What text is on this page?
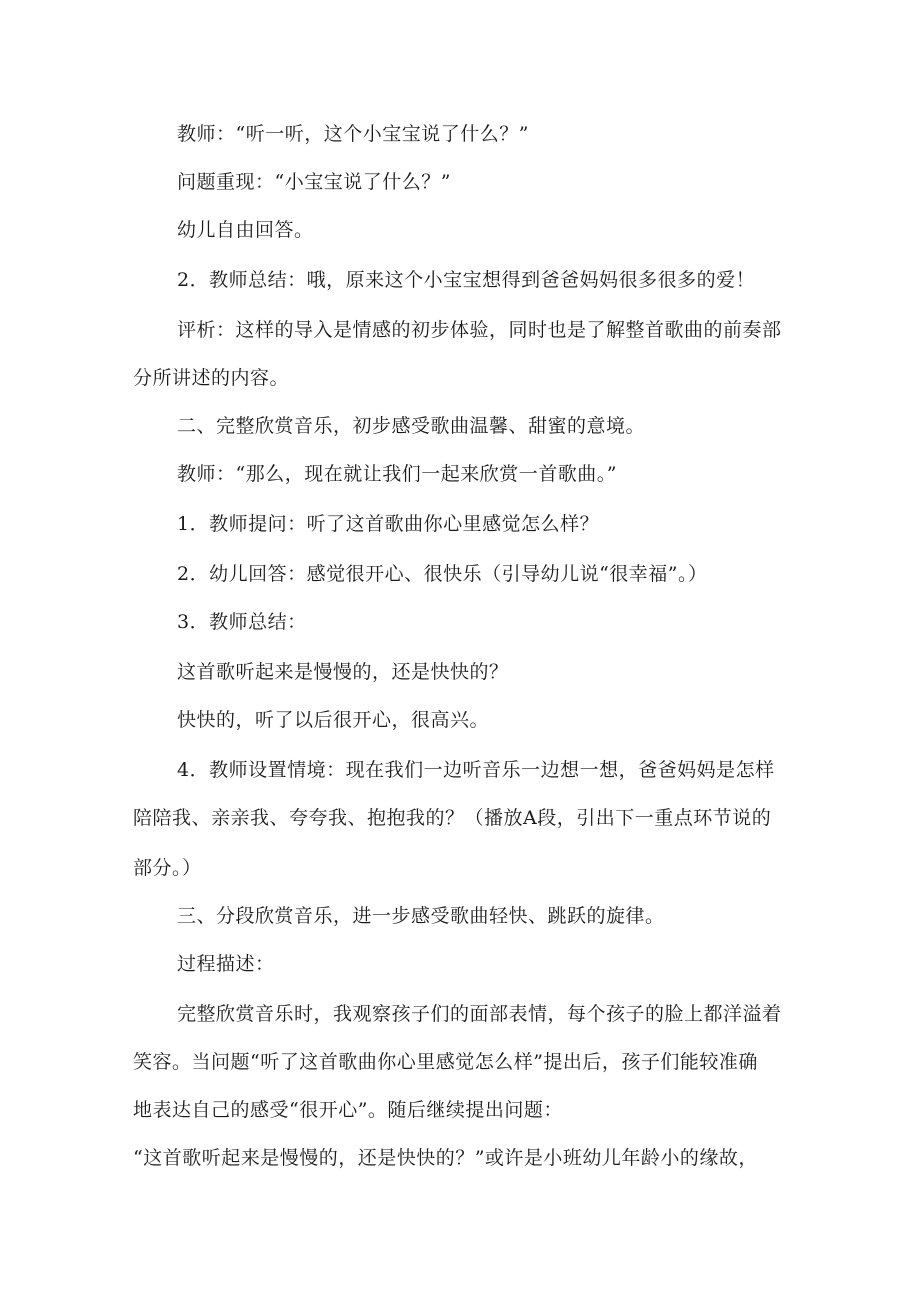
教师：“听一听，这个小宝宝说了什么？”
问题重现：“小宝宝说了什么？”
幼儿自由回答。
2．教师总结：哦，原来这个小宝宝想得到爸爸妈妈很多很多的爱！
评析：这样的导入是情感的初步体验，同时也是了解整首歌曲的前奏部
分所讲述的内容。
二、完整欣赏音乐，初步感受歌曲温馨、甜蜜的意境。
教师：“那么，现在就让我们一起来欣赏一首歌曲。”
1．教师提问：听了这首歌曲你心里感觉怎么样？
2．幼儿回答：感觉很开心、很快乐（引导幼儿说“很幸福”。）
3．教师总结：
这首歌听起来是慢慢的，还是快快的？
快快的，听了以后很开心，很高兴。
4．教师设置情境：现在我们一边听音乐一边想一想，爸爸妈妈是怎样
陪陪我、亲亲我、夸夸我、抱抱我的？（播放A段，引出下一重点环节说的
部分。）
三、分段欣赏音乐，进一步感受歌曲轻快、跳跃的旋律。
过程描述：
完整欣赏音乐时，我观察孩子们的面部表情，每个孩子的脸上都洋溢着
笑容。当问题“听了这首歌曲你心里感觉怎么样”提出后，孩子们能较准确
地表达自己的感受“很开心”。随后继续提出问题：
“这首歌听起来是慢慢的，还是快快的？”或许是小班幼儿年龄小的缘故，
